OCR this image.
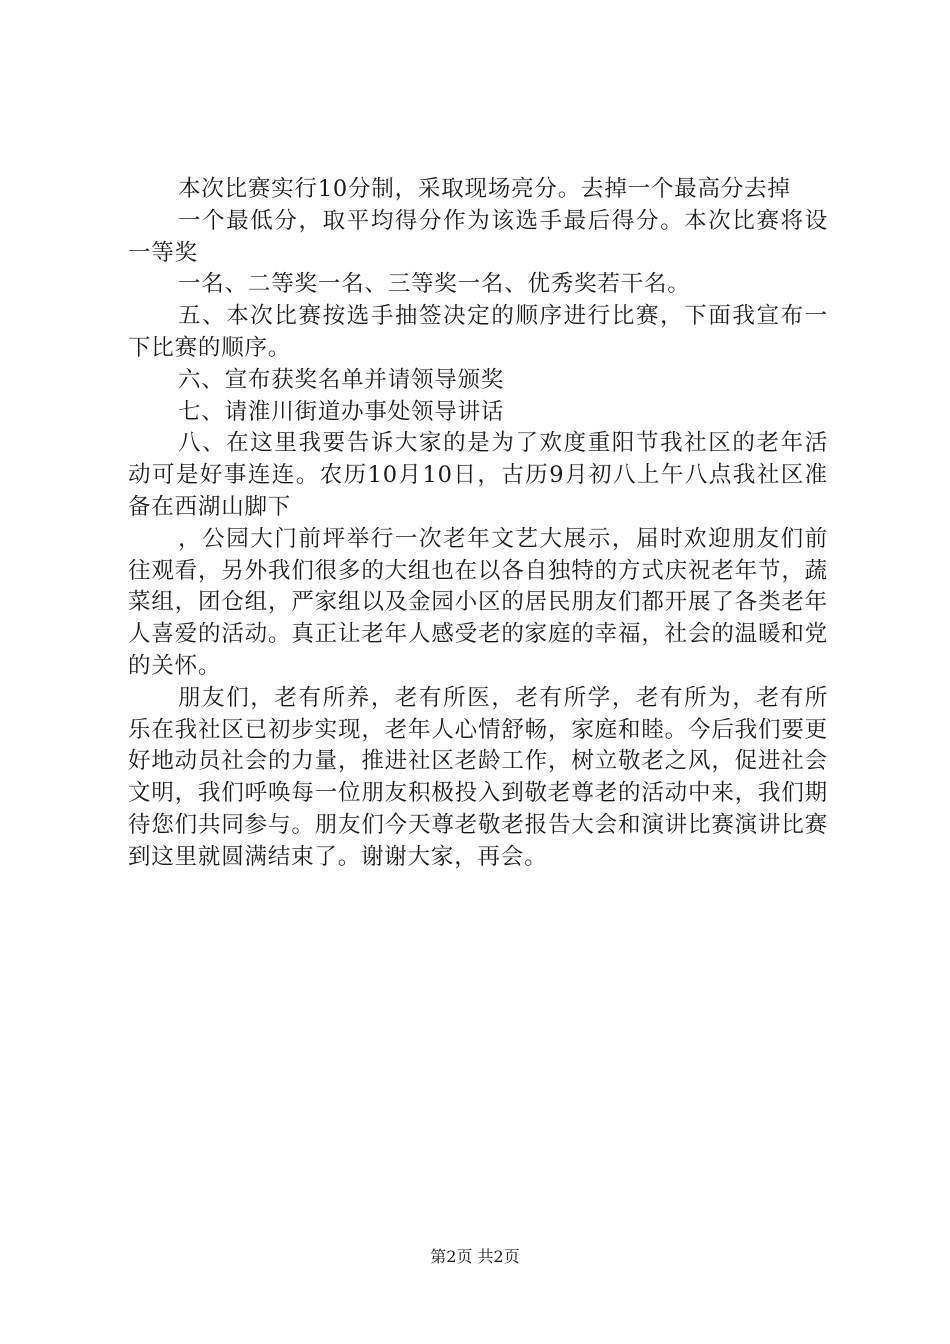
本次比赛实行10分制，采取现场亮分。去掉一个最高分去掉

一个最低分，取平均得分作为该选手最后得分。本次比赛将设一等奖

一名、二等奖一名、三等奖一名、优秀奖若干名。

五、本次比赛按选手抽签决定的顺序进行比赛，下面我宣布一下比赛的顺序。

六、宣布获奖名单并请领导颁奖

七、请淮川街道办事处领导讲话

八、在这里我要告诉大家的是为了欢度重阳节我社区的老年活动可是好事连连。农历10月10日，古历9月初八上午八点我社区准备在西湖山脚下

，公园大门前坪举行一次老年文艺大展示，届时欢迎朋友们前往观看，另外我们很多的大组也在以各自独特的方式庆祝老年节，蔬菜组，团仓组，严家组以及金园小区的居民朋友们都开展了各类老年人喜爱的活动。真正让老年人感受老的家庭的幸福，社会的温暖和党的关怀。

朋友们，老有所养，老有所医，老有所学，老有所为，老有所乐在我社区已初步实现，老年人心情舒畅，家庭和睦。今后我们要更好地动员社会的力量，推进社区老龄工作，树立敬老之风，促进社会文明，我们呼唤每一位朋友积极投入到敬老尊老的活动中来，我们期待您们共同参与。朋友们今天尊老敬老报告大会和演讲比赛演讲比赛到这里就圆满结束了。谢谢大家，再会。

第2页 共2页
